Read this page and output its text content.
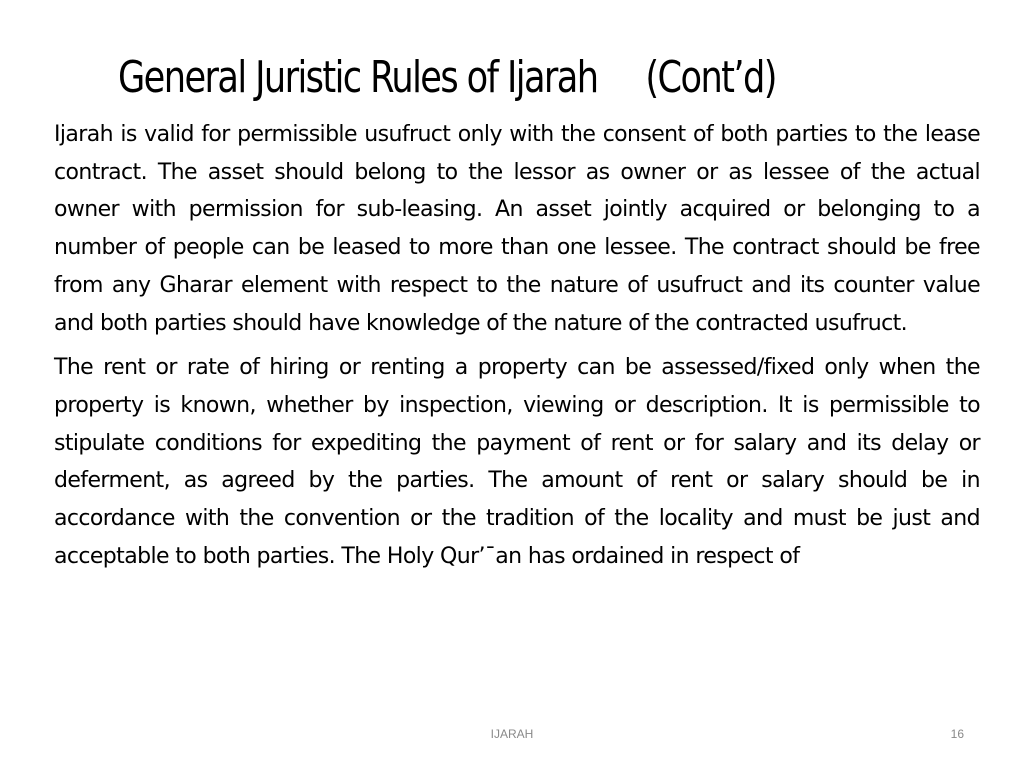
General Juristic Rules of Ijarah     (Cont’d)

Ijarah is valid for permissible usufruct only with the consent of both parties to the lease contract. The asset should belong to the lessor as owner or as lessee of the actual owner with permission for sub-leasing. An asset jointly acquired or belonging to a number of people can be leased to more than one lessee. The contract should be free from any Gharar element with respect to the nature of usufruct and its counter value and both parties should have knowledge of the nature of the contracted usufruct.

The rent or rate of hiring or renting a property can be assessed/fixed only when the property is known, whether by inspection, viewing or description. It is permissible to stipulate conditions for expediting the payment of rent or for salary and its delay or deferment, as agreed by the parties. The amount of rent or salary should be in accordance with the convention or the tradition of the locality and must be just and acceptable to both parties. The Holy Qur’¯an has ordained in respect of

IJARAH	16
